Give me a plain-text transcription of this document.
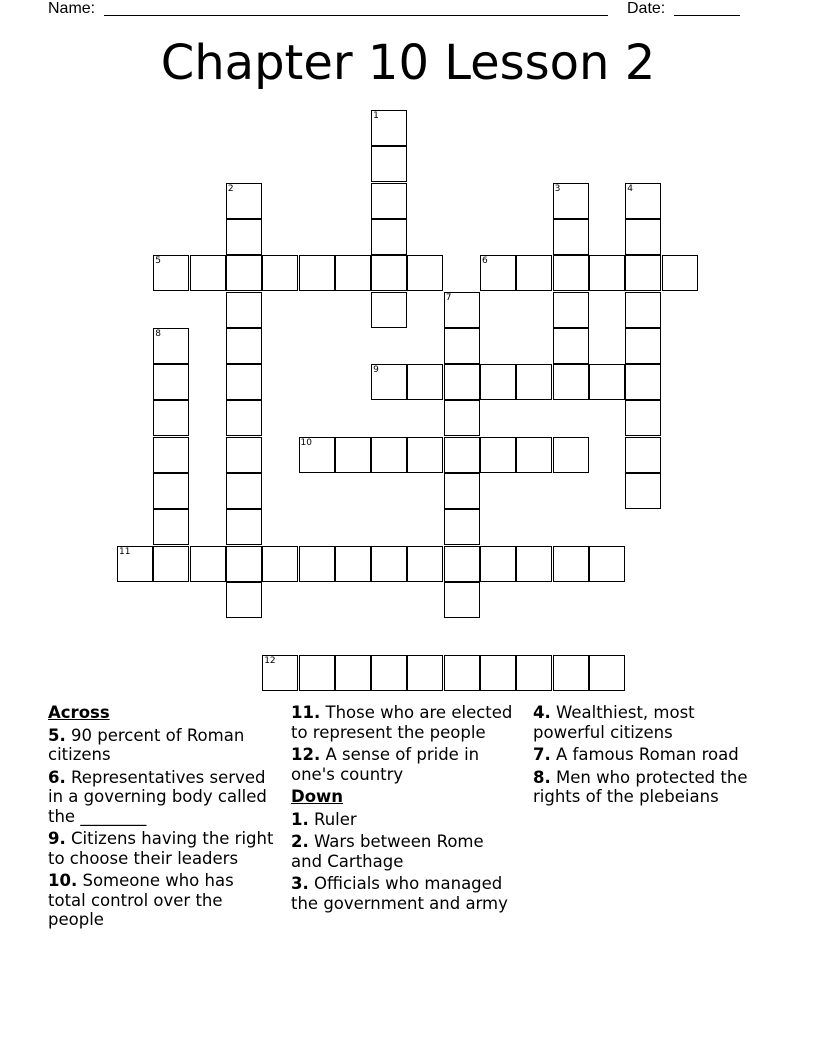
Name:	Date:
Chapter 10 Lesson 2
1
2	3	4
5	6
7
8
9
10
11
12
Across
5. 90 percent of Roman citizens
6. Representatives served in a governing body called the ________
9. Citizens having the right to choose their leaders
10. Someone who has total control over the people
11. Those who are elected to represent the people
12. A sense of pride in one's country
Down
1. Ruler
2. Wars between Rome and Carthage
3. Officials who managed the government and army
4. Wealthiest, most powerful citizens
7. A famous Roman road
8. Men who protected the rights of the plebeians
